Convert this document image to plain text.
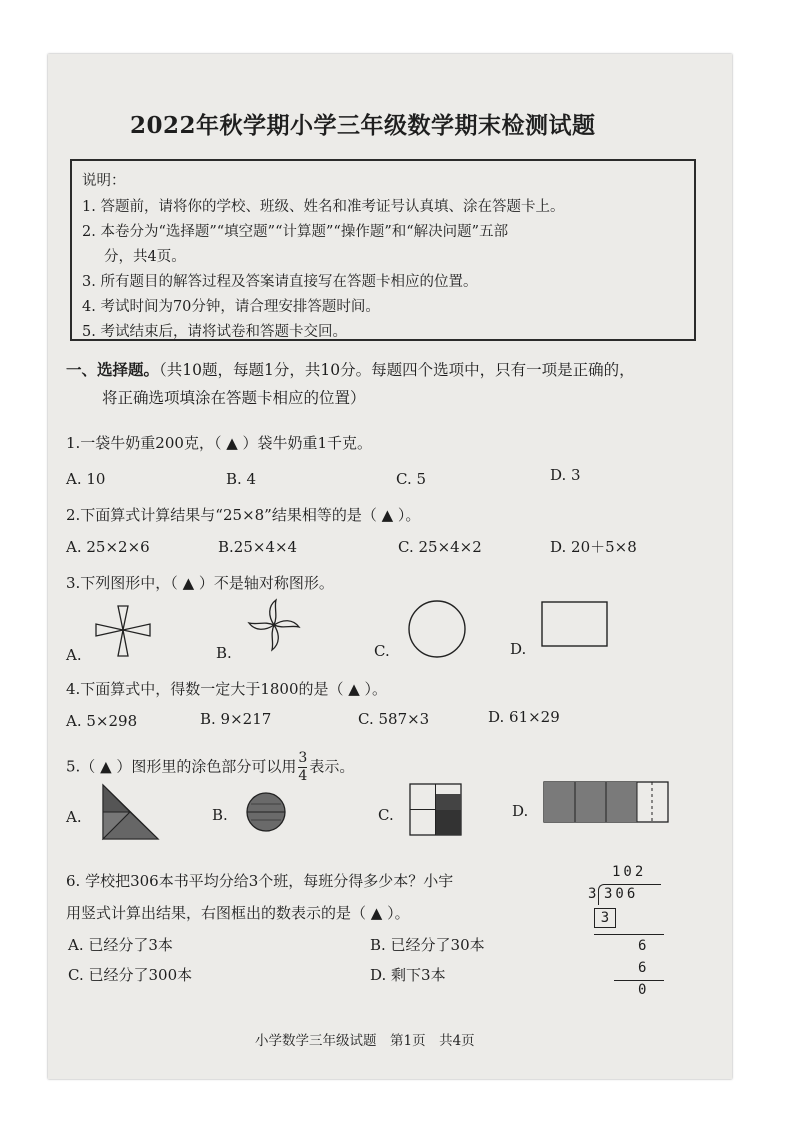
2022年秋学期小学三年级数学期末检测试题
说明：
1. 答题前，请将你的学校、班级、姓名和准考证号认真填、涂在答题卡上。
2. 本卷分为“选择题”“填空题”“计算题”“操作题”和“解决问题”五部
分，共4页。
3. 所有题目的解答过程及答案请直接写在答题卡相应的位置。
4. 考试时间为70分钟，请合理安排答题时间。
5. 考试结束后，请将试卷和答题卡交回。
一、选择题。（共10题，每题1分，共10分。每题四个选项中，只有一项是正确的，
将正确选项填涂在答题卡相应的位置）
1.一袋牛奶重200克，（ ▲ ）袋牛奶重1千克。
A. 10	B. 4	C. 5	D. 3
2.下面算式计算结果与“25×8”结果相等的是（ ▲ ）。
A. 25×2×6	B.25×4×4	C. 25×4×2	D. 20＋5×8
3.下列图形中，（ ▲ ）不是轴对称图形。
A.	B.	C.	D.
4.下面算式中，得数一定大于1800的是（ ▲ ）。
A. 5×298	B. 9×217	C. 587×3	D. 61×29
5.（ ▲ ）图形里的涂色部分可以用 $\frac{3}{4}$ 表示。
A.	B.	C.	D.
6. 学校把306本书平均分给3个班，每班分得多少本？小宇
用竖式计算出结果，右图框出的数表示的是（ ▲ ）。
A. 已经分了3本	B. 已经分了30本
C. 已经分了300本	D. 剩下3本
102
3 306
3
6
6
0
小学数学三年级试题　第1页　共4页
